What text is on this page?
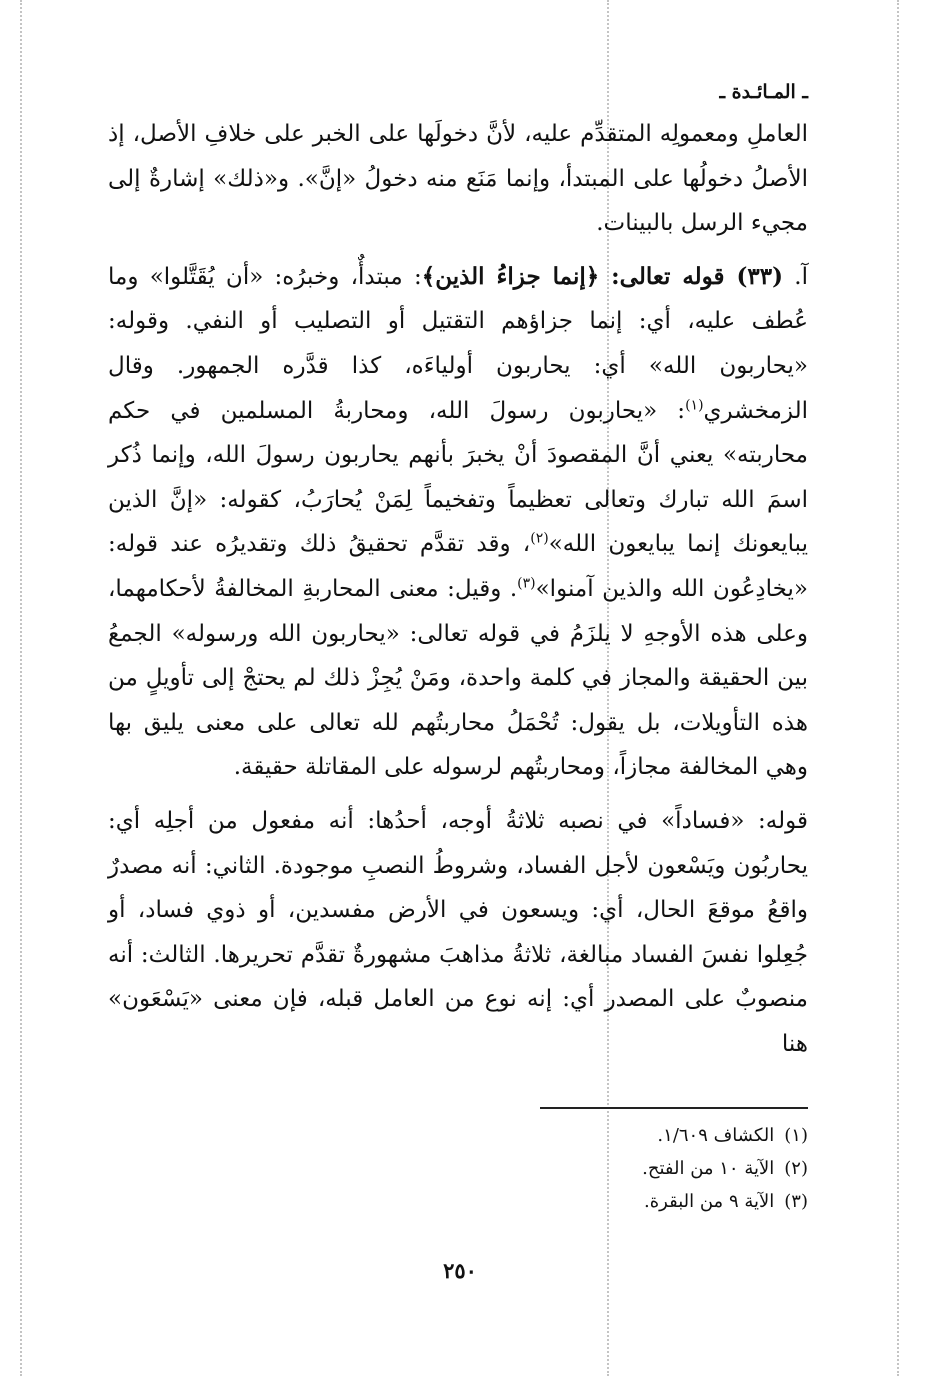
ـ المـائـدة ـ

العاملِ ومعمولِه المتقدِّم عليه، لأنَّ دخولَها على الخبر على خلافِ الأصل، إذ الأصلُ دخولُها على المبتدأ، وإنما مَنَع منه دخولُ «إنَّ». و«ذلك» إشارةٌ إلى مجيء الرسل بالبينات.

آ. (٣٣) قوله تعالى: ﴿إنما جزاءُ الذين﴾: مبتدأٌ، وخبرُه: «أن يُقَتَّلوا» وما عُطف عليه، أي: إنما جزاؤهم التقتيل أو التصليب أو النفي. وقوله: «يحاربون الله» أي: يحاربون أولياءَه، كذا قدَّره الجمهور. وقال الزمخشري$^{(١)}$: «يحاربون رسولَ الله، ومحاربةُ المسلمين في حكم محاربته» يعني أنَّ المقصودَ أنْ يخبرَ بأنهم يحاربون رسولَ الله، وإنما ذُكر اسمَ الله تبارك وتعالى تعظيماً وتفخيماً لِمَنْ يُحارَبُ، كقوله: «إنَّ الذين يبايعونك إنما يبايعون الله»$^{(٢)}$، وقد تقدَّم تحقيقُ ذلك وتقديرُه عند قوله: «يخادِعُون الله والذين آمنوا»$^{(٣)}$. وقيل: معنى المحاربةِ المخالفةُ لأحكامهما، وعلى هذه الأوجهِ لا يلزَمُ في قوله تعالى: «يحاربون الله ورسوله» الجمعُ بين الحقيقة والمجاز في كلمة واحدة، ومَنْ يُجِزْ ذلك لم يحتجْ إلى تأويلٍ من هذه التأويلات، بل يقول: تُحْمَلُ محاربتُهم لله تعالى على معنى يليق بها وهي المخالفة مجازاً، ومحاربتُهم لرسوله على المقاتلة حقيقة.

قوله: «فساداً» في نصبه ثلاثةُ أوجه، أحدُها: أنه مفعول من أجلِه أي: يحاربُون ويَسْعون لأجل الفساد، وشروطُ النصبِ موجودة. الثاني: أنه مصدرٌ واقعُ موقعَ الحال، أي: ويسعون في الأرض مفسدين، أو ذوي فساد، أو جُعِلوا نفسَ الفساد مبالغة، ثلاثةُ مذاهبَ مشهورةٌ تقدَّم تحريرها. الثالث: أنه منصوبٌ على المصدر أي: إنه نوع من العامل قبله، فإن معنى «يَسْعَون» هنا

(١)الكشاف ١/٦٠٩.

(٢)الآية ١٠ من الفتح.

(٣)الآية ٩ من البقرة.

٢٥٠
